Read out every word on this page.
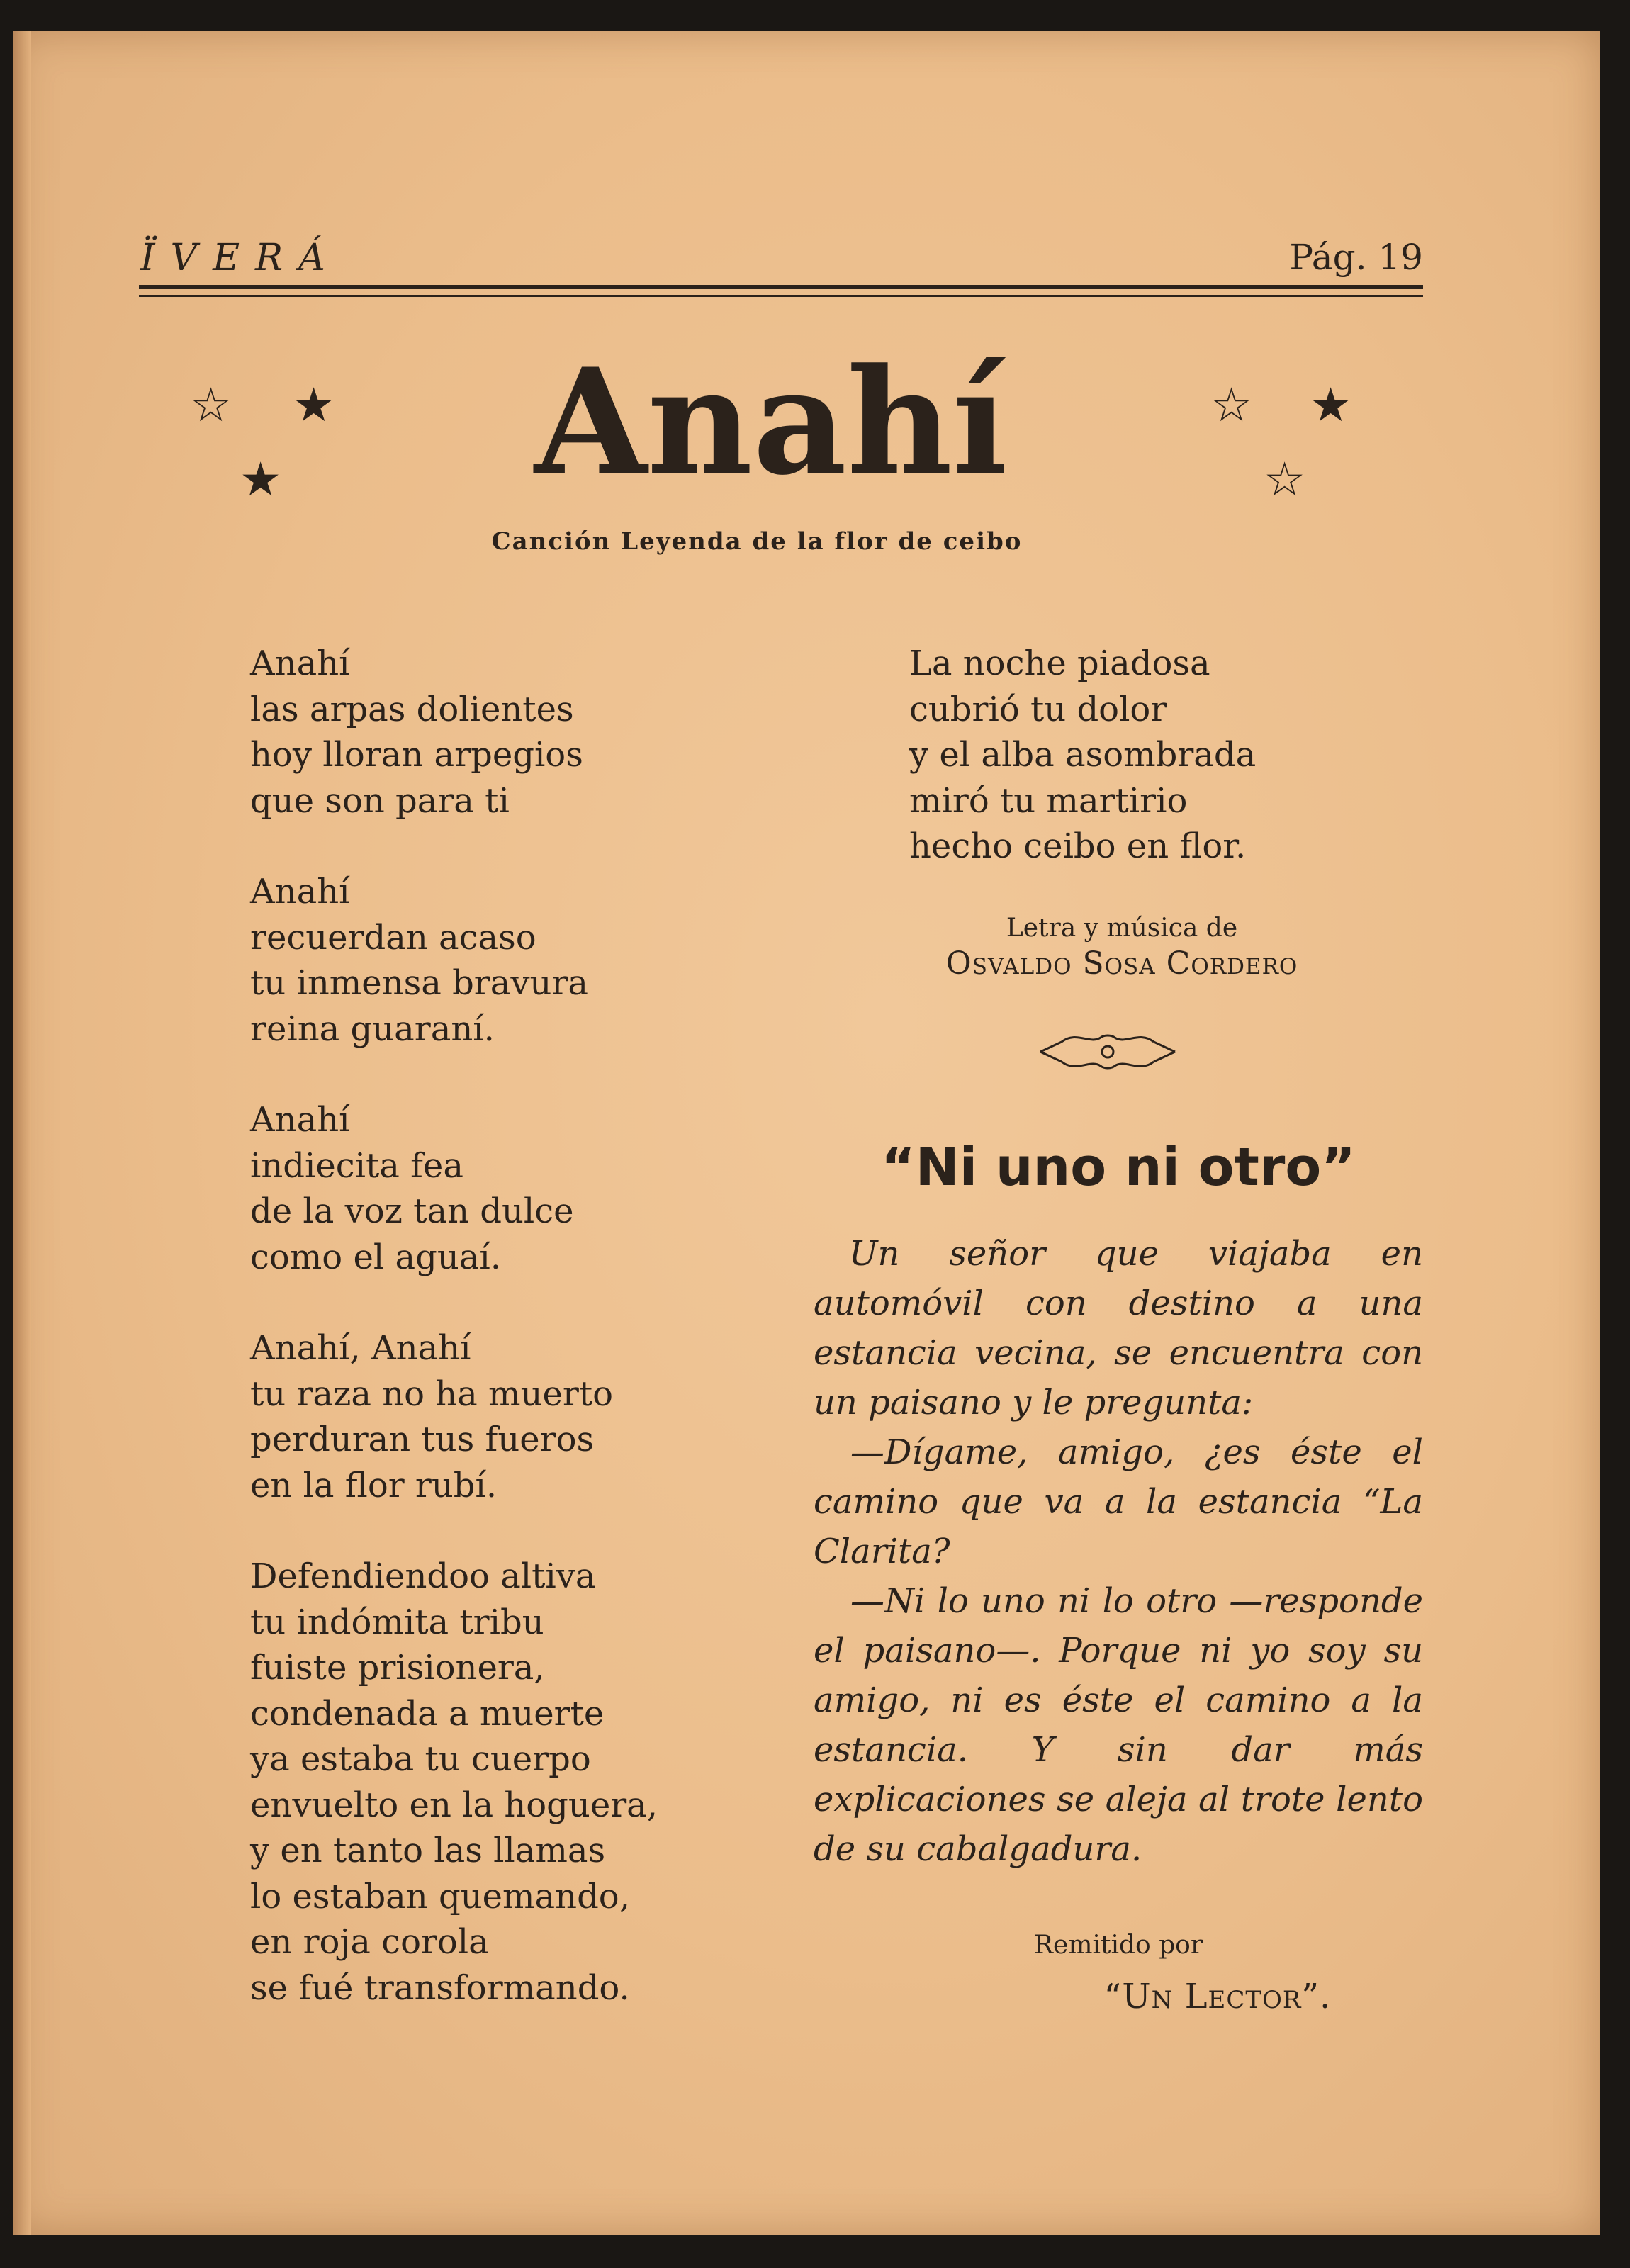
ÏVERÁ	Pág. 19
☆ ★
★
☆ ★
☆
Anahí
Canción Leyenda de la flor de ceibo
Anahí
las arpas dolientes
hoy lloran arpegios
que son para ti
Anahí
recuerdan acaso
tu inmensa bravura
reina guaraní.
Anahí
indiecita fea
de la voz tan dulce
como el aguaí.
Anahí, Anahí
tu raza no ha muerto
perduran tus fueros
en la flor rubí.
Defendiendoo altiva
tu indómita tribu
fuiste prisionera,
condenada a muerte
ya estaba tu cuerpo
envuelto en la hoguera,
y en tanto las llamas
lo estaban quemando,
en roja corola
se fué transformando.
La noche piadosa
cubrió tu dolor
y el alba asombrada
miró tu martirio
hecho ceibo en flor.
Letra y música de
Osvaldo Sosa Cordero
“Ni uno ni otro”

Un señor que viajaba en automóvil con destino a una estancia vecina, se encuentra con un paisano y le pregunta:

—Dígame, amigo, ¿es éste el camino que va a la estancia “La Clarita?

—Ni lo uno ni lo otro —responde el paisano—. Porque ni yo soy su amigo, ni es éste el camino a la estancia. Y sin dar más explicaciones se aleja al trote lento de su cabalgadura.

Remitido por
“Un Lector”.
